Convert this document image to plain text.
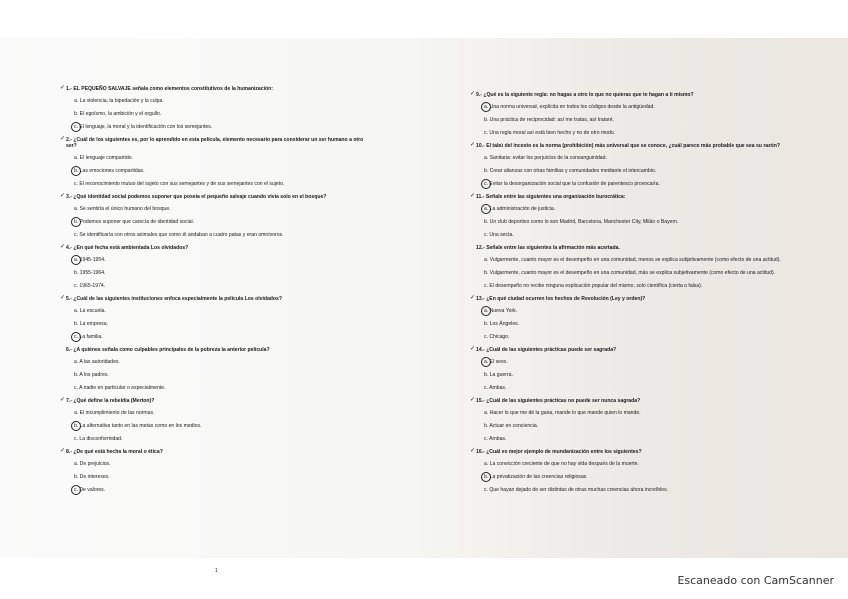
✓ 1.- EL PEQUEÑO SALVAJE señala como elementos constitutivos de la humanización:
a. La violencia, la bipedación y la culpa.
b. El egoísmo, la ambición y el orgullo.
c. El lenguaje, la moral y la identificación con los semejantes.
✓ 2.- ¿Cuál de los siguientes es, por lo aprendido en esta película, elemento necesario para considerar un ser humano a otro ser?
a. El lenguaje compartido.
b. Las emociones compartidas.
c. El reconocimiento mutuo del sujeto con sus semejantes y de sus semejantes con el sujeto.
✓ 3.- ¿Qué identidad social podemos suponer que poseía el pequeño salvaje cuando vivía solo en el bosque?
a. Se sentiría el único humano del bosque.
b. Podemos suponer que carecía de identidad social.
c. Se identificaría con otros animales que como él andaban a cuatro patas y eran omnívoros.
✓ 4.- ¿En qué fecha está ambientada Los olvidados?
a. 1945-1954.
b. 1955-1964.
c. 1965-1974.
✓ 5.- ¿Cuál de las siguientes instituciones enfoca especialmente la película Los olvidados?
a. La escuela.
b. La empresa.
c. La familia.
6.- ¿A quiénes señala como culpables principales de la pobreza la anterior película?
a. A las autoridades.
b. A los padres.
c. A nadie en particular o especialmente.
✓ 7.- ¿Qué define la rebeldía (Merton)?
a. El incumplimiento de las normas.
b. La alternativa tanto en las metas como en los medios.
c. La disconformidad.
✓ 8.- ¿De qué está hecha la moral o ética?
a. De prejuicios.
b. De intereses.
c. De valores.
✓ 9.- ¿Qué es la siguiente regla: no hagas a otro lo que no quieras que te hagan a ti mismo?
a. Una norma universal, explícita en todos los códigos desde la antigüedad.
b. Una práctica de reciprocidad: así me tratas, así trataré.
c. Una regla moral así está bien hecho y no de otro modo.
✓ 10.- El tabú del incesto es la norma (prohibición) más universal que se conoce, ¿cuál parece más probable que sea su razón?
a. Sanitaria: evitar los perjuicios de la consanguinidad.
b. Crear alianzas con otras familias y comunidades mediante el intercambio.
c. Evitar la desorganización social que la confusión de parentesco provocaría.
✓ 11.- Señale entre las siguientes una organización burocrática:
a. La administración de justicia.
b. Un club deportivo como lo son Madrid, Barcelona, Manchester City, Milán o Bayern.
c. Una secta.
12.- Señale entre las siguientes la afirmación más acertada.
a. Vulgarmente, cuanto mayor es el desempeño en una comunidad, menos se explica subjetivamente (como efecto de una actitud).
b. Vulgarmente, cuanto mayor es el desempeño en una comunidad, más se explica subjetivamente (como efecto de una actitud).
c. El desempeño no recibe ninguna explicación popular del mismo, solo científica (cierta o falsa).
✓ 13.- ¿En qué ciudad ocurren los hechos de Revolución (Ley y orden)?
a. Nueva York.
b. Los Ángeles.
c. Chicago.
✓ 14.- ¿Cuál de las siguientes prácticas puede ser sagrada?
a. El sexo.
b. La guerra.
c. Ambas.
✓ 15.- ¿Cuál de las siguientes prácticas no puede ser nunca sagrada?
a. Hacer lo que me dé la gana, mande lo que mande quien lo mande.
b. Actuar en conciencia.
c. Ambas.
✓ 16.- ¿Cuál es mejor ejemplo de mundanización entre los siguientes?
a. La convicción creciente de que no hay vida después de la muerte.
b. La privatización de las creencias religiosas.
c. Que hayan dejado de ser distintas de otras muchas creencias ahora increíbles.
1
Escaneado con CamScanner
